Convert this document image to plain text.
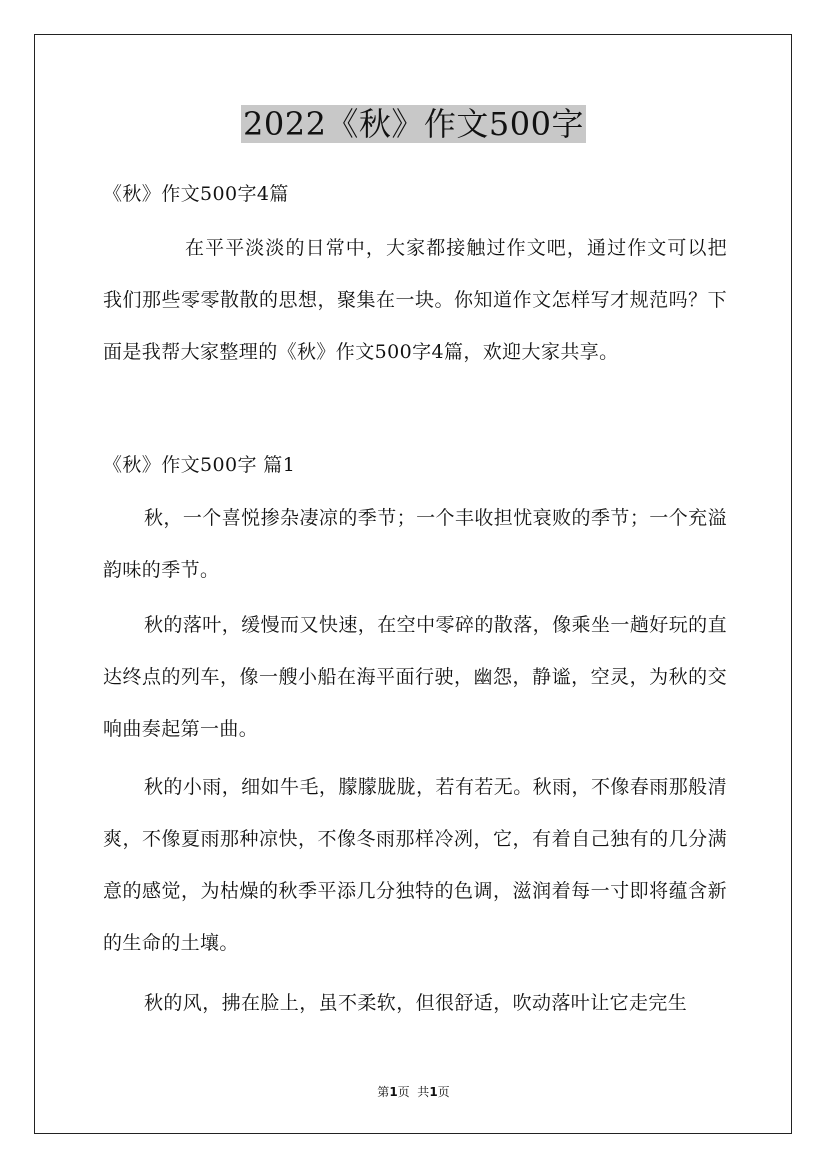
2022《秋》作文500字

《秋》作文500字4篇

在平平淡淡的日常中，大家都接触过作文吧，通过作文可以把我们那些零零散散的思想，聚集在一块。你知道作文怎样写才规范吗？下面是我帮大家整理的《秋》作文500字4篇，欢迎大家共享。

《秋》作文500字 篇1

秋，一个喜悦掺杂凄凉的季节；一个丰收担忧衰败的季节；一个充溢韵味的季节。

秋的落叶，缓慢而又快速，在空中零碎的散落，像乘坐一趟好玩的直达终点的列车，像一艘小船在海平面行驶，幽怨，静谧，空灵，为秋的交响曲奏起第一曲。

秋的小雨，细如牛毛，朦朦胧胧，若有若无。秋雨，不像春雨那般清爽，不像夏雨那种凉快，不像冬雨那样冷冽，它，有着自己独有的几分满意的感觉，为枯燥的秋季平添几分独特的色调，滋润着每一寸即将蕴含新的生命的土壤。

秋的风，拂在脸上，虽不柔软，但很舒适，吹动落叶让它走完生

第1页  共1页
